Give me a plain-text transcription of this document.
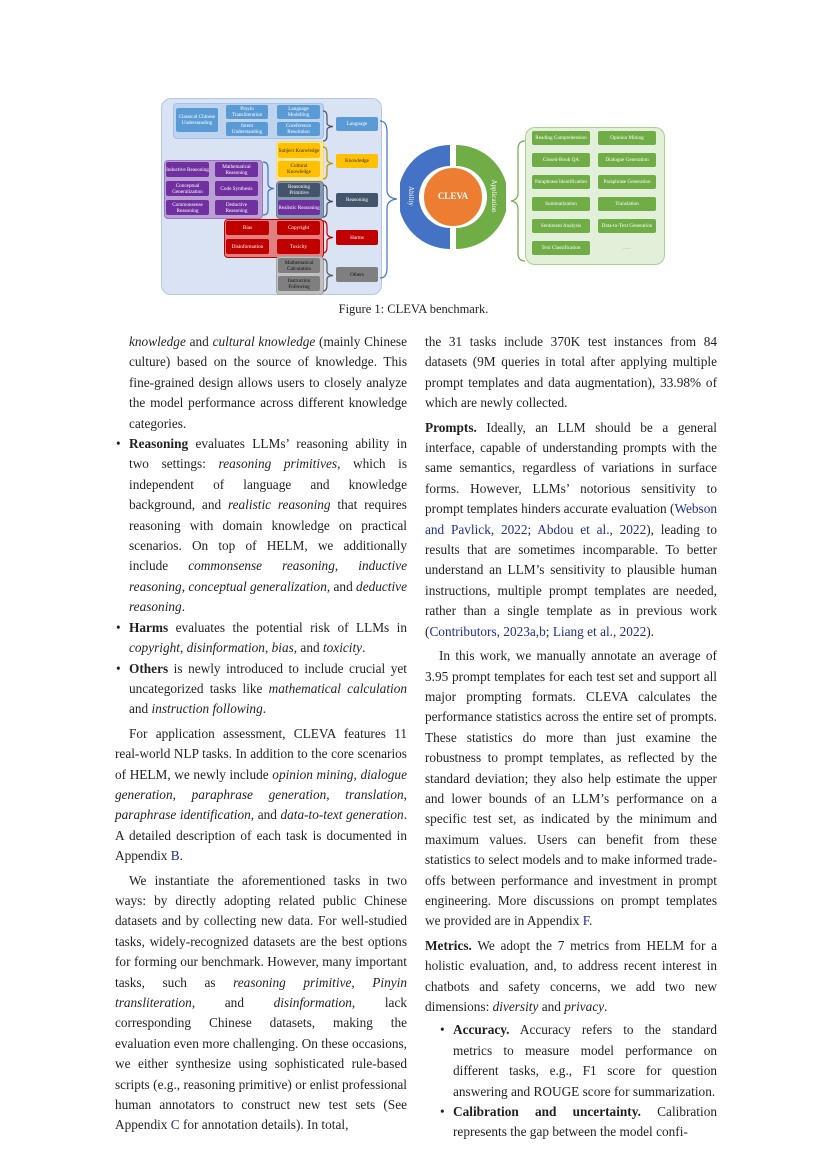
Classical Chinese Understanding
Pinyin Transliteration
Intent Understanding
Language Modelling
Coreference Resolution
Language
Subject Knowledge
Cultural Knowledge
Knowledge
Inductive Reasoning	Mathematical Reasoning
Conceptual Generalization	Code Synthesis
Commonsense Reasoning
Deductive Reasoning
Reasoning Primitive
Realistic Reasoning
Reasoning
Bias	Copyright
Disinformation	Toxicity
Harms
Mathematical Calculation
Instruction Following
Others
CLEVA
Ability	Application
Reading Comprehension	Opinion Mining
Closed-Book QA	Dialogue Generation
Paraphrase Identification	Paraphrase Generation
Summarization	Translation
Sentiment Analysis	Data-to-Text Generation
Text Classification	......
Figure 1: CLEVA benchmark.

knowledge and cultural knowledge (mainly Chinese culture) based on the source of knowledge. This fine-grained design allows users to closely analyze the model performance across different knowledge categories.

• Reasoning evaluates LLMs’ reasoning ability in two settings: reasoning primitives, which is independent of language and knowledge background, and realistic reasoning that requires reasoning with domain knowledge on practical scenarios. On top of HELM, we additionally include commonsense reasoning, inductive reasoning, conceptual generalization, and deductive reasoning.
• Harms evaluates the potential risk of LLMs in copyright, disinformation, bias, and toxicity.
• Others is newly introduced to include crucial yet uncategorized tasks like mathematical calculation and instruction following.

For application assessment, CLEVA features 11 real-world NLP tasks. In addition to the core scenarios of HELM, we newly include opinion mining, dialogue generation, paraphrase generation, translation, paraphrase identification, and data-to-text generation. A detailed description of each task is documented in Appendix B.

We instantiate the aforementioned tasks in two ways: by directly adopting related public Chinese datasets and by collecting new data. For well-studied tasks, widely-recognized datasets are the best options for forming our benchmark. However, many important tasks, such as reasoning primitive, Pinyin transliteration, and disinformation, lack corresponding Chinese datasets, making the evaluation even more challenging. On these occasions, we either synthesize using sophisticated rule-based scripts (e.g., reasoning primitive) or enlist professional human annotators to construct new test sets (See Appendix C for annotation details). In total,

the 31 tasks include 370K test instances from 84 datasets (9M queries in total after applying multiple prompt templates and data augmentation), 33.98% of which are newly collected.

Prompts. Ideally, an LLM should be a general interface, capable of understanding prompts with the same semantics, regardless of variations in surface forms. However, LLMs’ notorious sensitivity to prompt templates hinders accurate evaluation (Webson and Pavlick, 2022; Abdou et al., 2022), leading to results that are sometimes incomparable. To better understand an LLM’s sensitivity to plausible human instructions, multiple prompt templates are needed, rather than a single template as in previous work (Contributors, 2023a,b; Liang et al., 2022).

In this work, we manually annotate an average of 3.95 prompt templates for each test set and support all major prompting formats. CLEVA calculates the performance statistics across the entire set of prompts. These statistics do more than just examine the robustness to prompt templates, as reflected by the standard deviation; they also help estimate the upper and lower bounds of an LLM’s performance on a specific test set, as indicated by the minimum and maximum values. Users can benefit from these statistics to select models and to make informed trade-offs between performance and investment in prompt engineering. More discussions on prompt templates we provided are in Appendix F.

Metrics. We adopt the 7 metrics from HELM for a holistic evaluation, and, to address recent interest in chatbots and safety concerns, we add two new dimensions: diversity and privacy.

• Accuracy. Accuracy refers to the standard metrics to measure model performance on different tasks, e.g., F1 score for question answering and ROUGE score for summarization.
• Calibration and uncertainty. Calibration represents the gap between the model confi-
